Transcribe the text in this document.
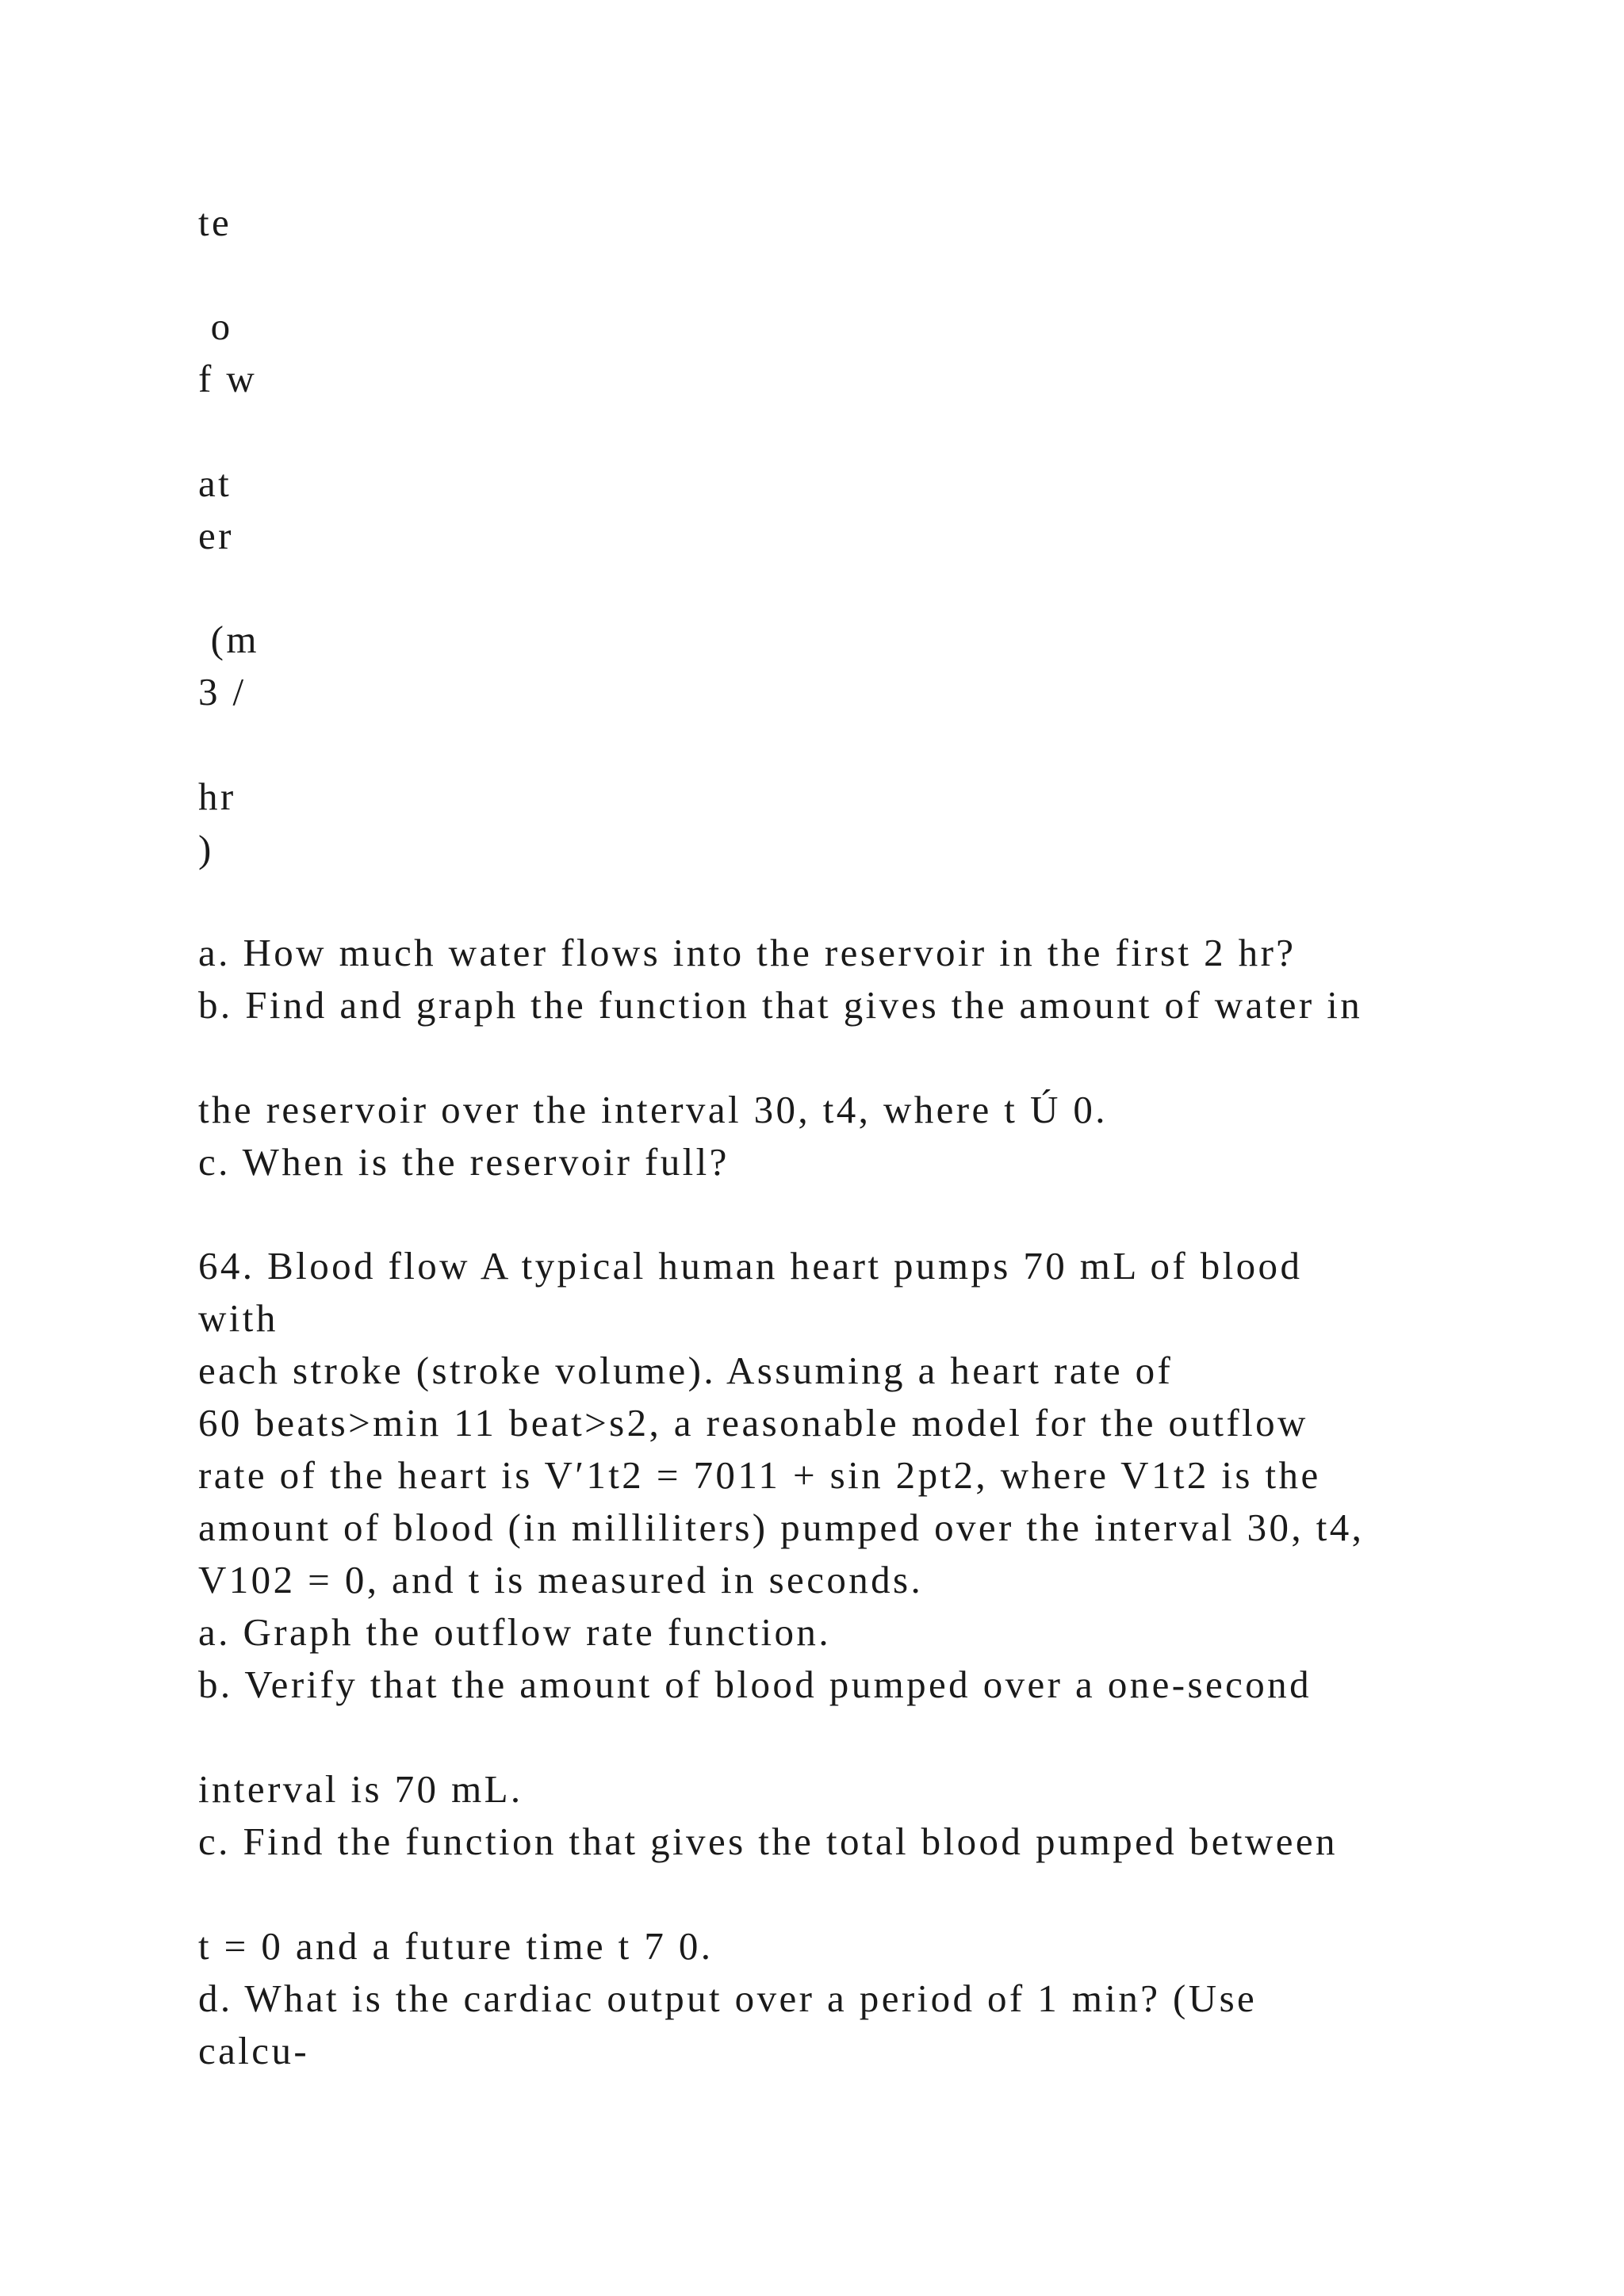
te

o

f w

at

er

(m

3 /

hr

)

a. How much water flows into the reservoir in the first 2 hr?

b. Find and graph the function that gives the amount of water in

the reservoir over the interval 30, t4, where t Ú 0.

c. When is the reservoir full?

64. Blood flow A typical human heart pumps 70 mL of blood

with

each stroke (stroke volume). Assuming a heart rate of

60 beats>min 11 beat>s2, a reasonable model for the outflow

rate of the heart is V′1t2 = 7011 + sin 2pt2, where V1t2 is the

amount of blood (in milliliters) pumped over the interval 30, t4,

V102 = 0, and t is measured in seconds.

a. Graph the outflow rate function.

b. Verify that the amount of blood pumped over a one-second

interval is 70 mL.

c. Find the function that gives the total blood pumped between

t = 0 and a future time t 7 0.

d. What is the cardiac output over a period of 1 min? (Use

calcu-
